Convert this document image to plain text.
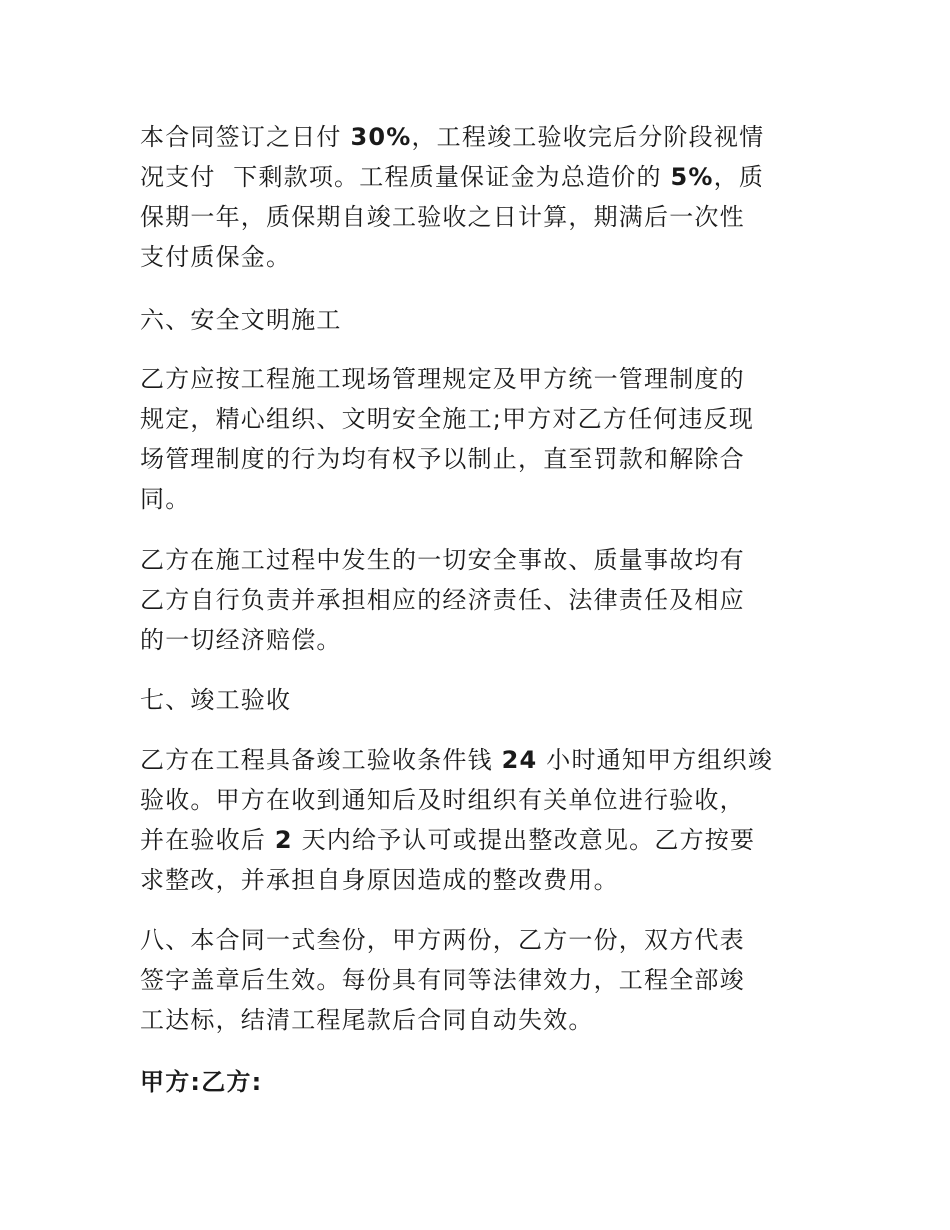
本合同签订之日付 30%，工程竣工验收完后分阶段视情
况支付  下剩款项。工程质量保证金为总造价的 5%，质
保期一年，质保期自竣工验收之日计算，期满后一次性
支付质保金。
六、安全文明施工
乙方应按工程施工现场管理规定及甲方统一管理制度的
规定，精心组织、文明安全施工;甲方对乙方任何违反现
场管理制度的行为均有权予以制止，直至罚款和解除合
同。
乙方在施工过程中发生的一切安全事故、质量事故均有
乙方自行负责并承担相应的经济责任、法律责任及相应
的一切经济赔偿。
七、竣工验收
乙方在工程具备竣工验收条件钱 24 小时通知甲方组织竣
验收。甲方在收到通知后及时组织有关单位进行验收，
并在验收后 2 天内给予认可或提出整改意见。乙方按要
求整改，并承担自身原因造成的整改费用。
八、本合同一式叁份，甲方两份，乙方一份，双方代表
签字盖章后生效。每份具有同等法律效力，工程全部竣
工达标，结清工程尾款后合同自动失效。
甲方:乙方:
